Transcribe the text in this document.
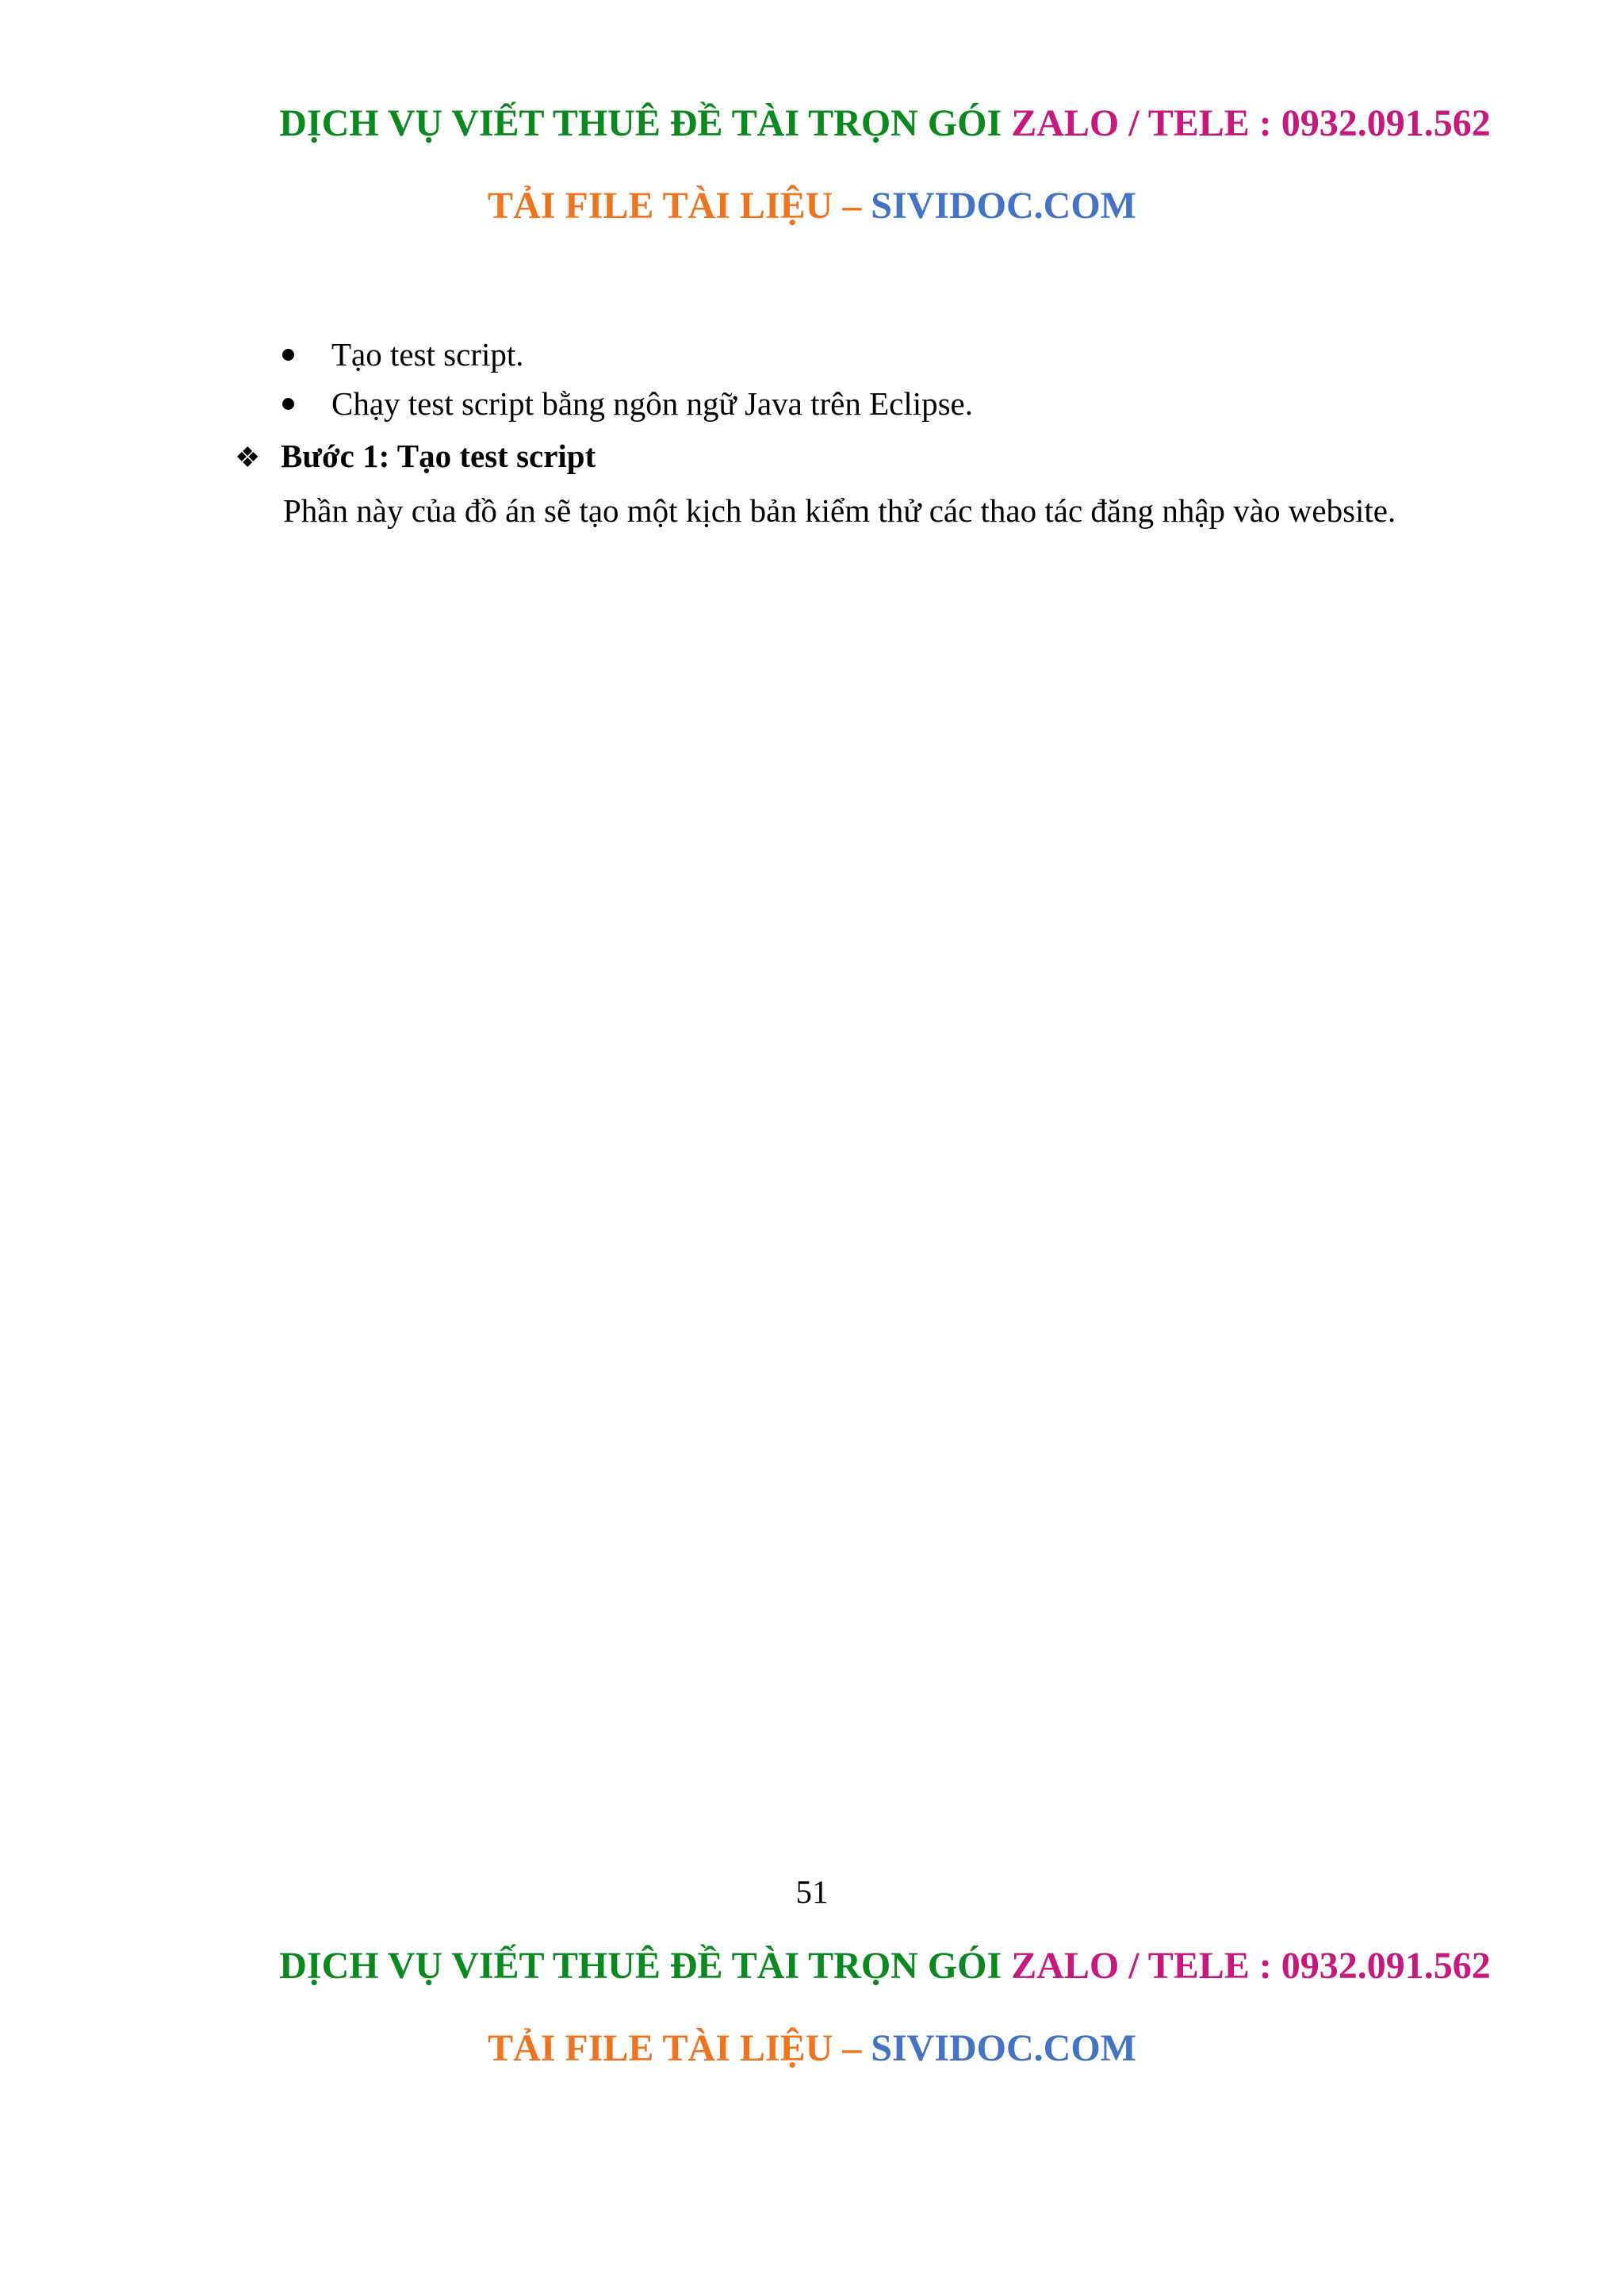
DỊCH VỤ VIẾT THUÊ ĐỀ TÀI TRỌN GÓI ZALO / TELE : 0932.091.562
TẢI FILE TÀI LIỆU – SIVIDOC.COM
Tạo test script.
Chạy test script bằng ngôn ngữ Java trên Eclipse.
❖ Bước 1: Tạo test script
Phần này của đồ án sẽ tạo một kịch bản kiểm thử các thao tác đăng nhập vào website.
51
DỊCH VỤ VIẾT THUÊ ĐỀ TÀI TRỌN GÓI ZALO / TELE : 0932.091.562
TẢI FILE TÀI LIỆU – SIVIDOC.COM
